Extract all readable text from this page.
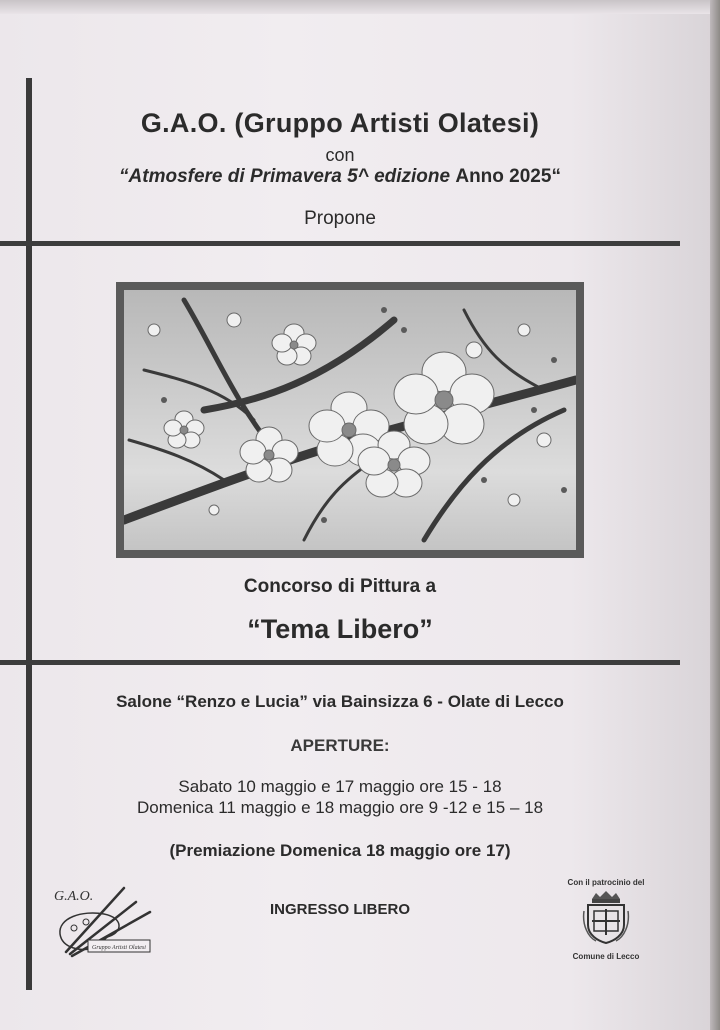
G.A.O. (Gruppo Artisti Olatesi)
con
“Atmosfere di Primavera 5^ edizione Anno 2025“
Propone
Concorso di Pittura a
“Tema Libero”
Salone “Renzo e Lucia” via Bainsizza 6 - Olate di Lecco
APERTURE:
Sabato 10 maggio e 17 maggio ore 15 - 18
Domenica 11 maggio e 18 maggio ore 9 -12 e 15 – 18
(Premiazione Domenica 18 maggio ore 17)
INGRESSO LIBERO
G.A.O.
Gruppo Artisti Olatesi
Con il patrocinio del
Comune di Lecco
